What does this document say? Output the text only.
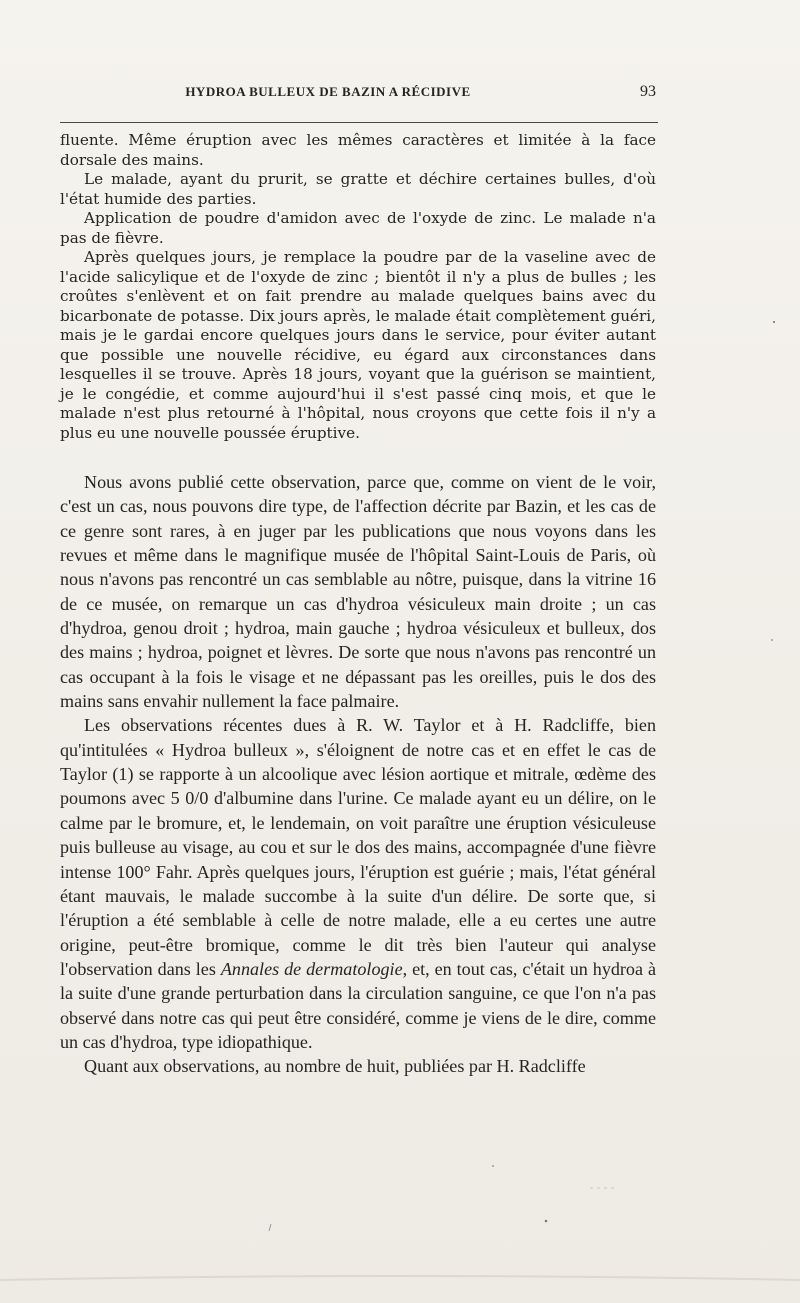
HYDROA BULLEUX DE BAZIN A RÉCIDIVE	93

fluente. Même éruption avec les mêmes caractères et limitée à la face dorsale des mains.

Le malade, ayant du prurit, se gratte et déchire certaines bulles, d'où l'état humide des parties.

Application de poudre d'amidon avec de l'oxyde de zinc. Le malade n'a pas de fièvre.

Après quelques jours, je remplace la poudre par de la vaseline avec de l'acide salicylique et de l'oxyde de zinc ; bientôt il n'y a plus de bulles ; les croûtes s'enlèvent et on fait prendre au malade quelques bains avec du bicarbonate de potasse. Dix jours après, le malade était complètement guéri, mais je le gardai encore quelques jours dans le service, pour éviter autant que possible une nouvelle récidive, eu égard aux circonstances dans lesquelles il se trouve. Après 18 jours, voyant que la guérison se maintient, je le congédie, et comme aujourd'hui il s'est passé cinq mois, et que le malade n'est plus retourné à l'hôpital, nous croyons que cette fois il n'y a plus eu une nouvelle poussée éruptive.

Nous avons publié cette observation, parce que, comme on vient de le voir, c'est un cas, nous pouvons dire type, de l'affection décrite par Bazin, et les cas de ce genre sont rares, à en juger par les publications que nous voyons dans les revues et même dans le magnifique musée de l'hôpital Saint-Louis de Paris, où nous n'avons pas rencontré un cas semblable au nôtre, puisque, dans la vitrine 16 de ce musée, on remarque un cas d'hydroa vésiculeux main droite ; un cas d'hydroa, genou droit ; hydroa, main gauche ; hydroa vésiculeux et bulleux, dos des mains ; hydroa, poignet et lèvres. De sorte que nous n'avons pas rencontré un cas occupant à la fois le visage et ne dépassant pas les oreilles, puis le dos des mains sans envahir nullement la face palmaire.

Les observations récentes dues à R. W. Taylor et à H. Radcliffe, bien qu'intitulées « Hydroa bulleux », s'éloignent de notre cas et en effet le cas de Taylor (1) se rapporte à un alcoolique avec lésion aortique et mitrale, œdème des poumons avec 5 0/0 d'albumine dans l'urine. Ce malade ayant eu un délire, on le calme par le bromure, et, le lendemain, on voit paraître une éruption vésiculeuse puis bulleuse au visage, au cou et sur le dos des mains, accompagnée d'une fièvre intense 100° Fahr. Après quelques jours, l'éruption est guérie ; mais, l'état général étant mauvais, le malade succombe à la suite d'un délire. De sorte que, si l'éruption a été semblable à celle de notre malade, elle a eu certes une autre origine, peut-être bromique, comme le dit très bien l'auteur qui analyse l'observation dans les Annales de dermatologie, et, en tout cas, c'était un hydroa à la suite d'une grande perturbation dans la circulation sanguine, ce que l'on n'a pas observé dans notre cas qui peut être considéré, comme je viens de le dire, comme un cas d'hydroa, type idiopathique.

Quant aux observations, au nombre de huit, publiées par H. Radcliffe
